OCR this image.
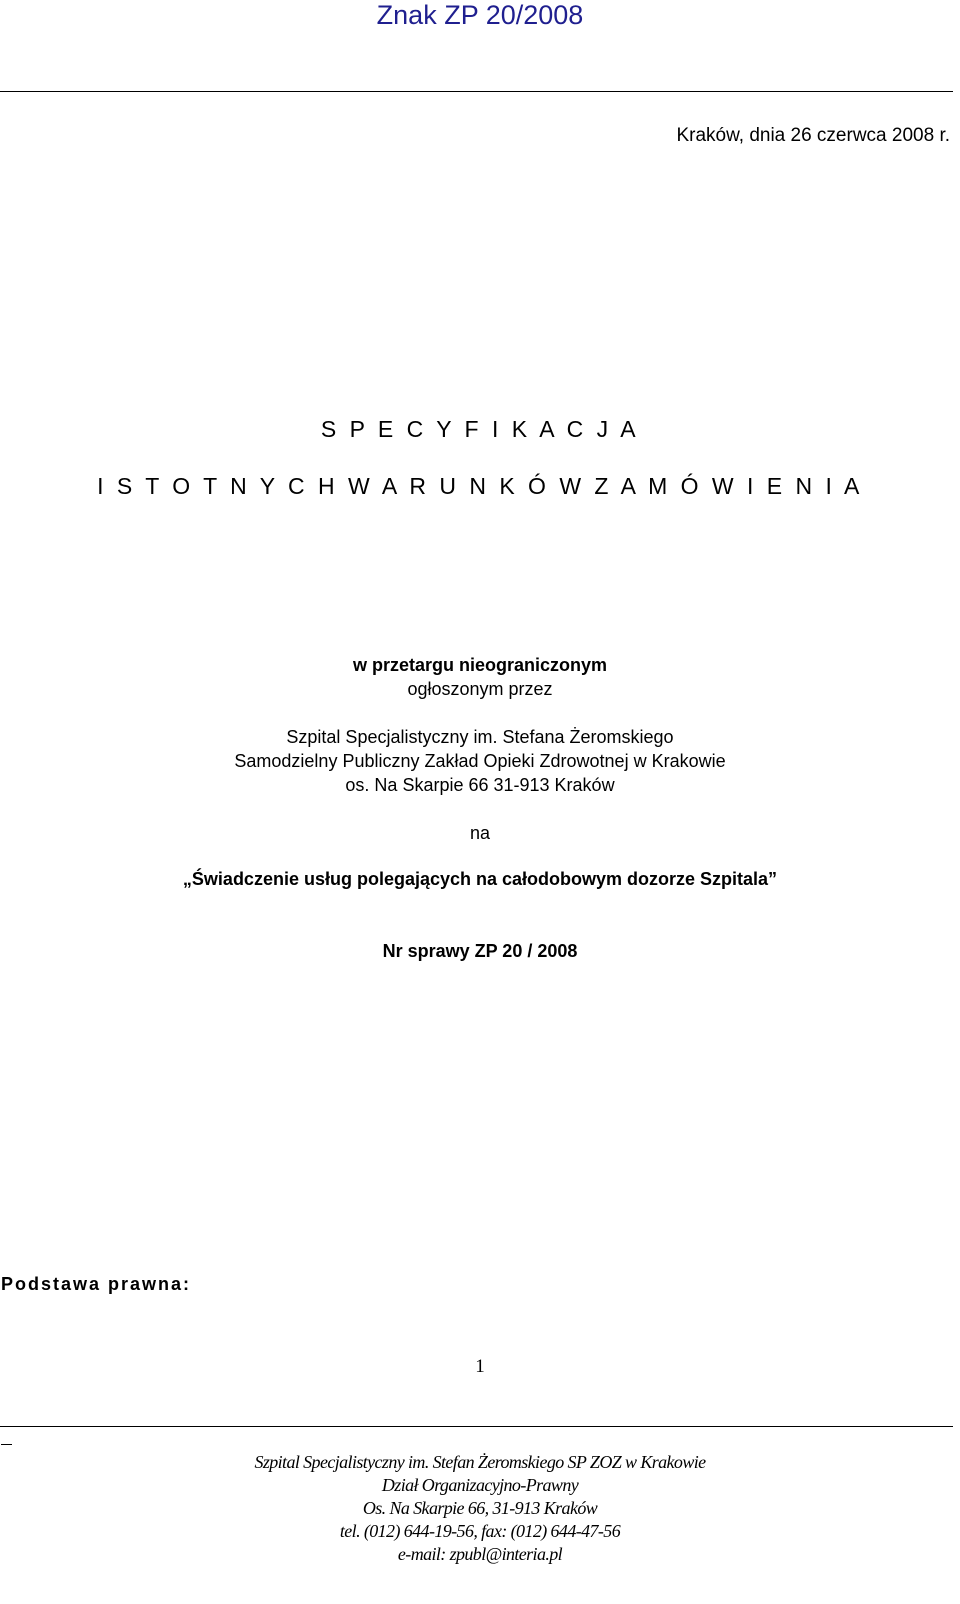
Znak ZP 20/2008
Kraków, dnia 26 czerwca 2008 r.
S P E C Y F I K A C J A
I S T O T N Y C H W A R U N K Ó W Z A M Ó W I E N I A
w przetargu nieograniczonym
ogłoszonym przez
Szpital Specjalistyczny im. Stefana Żeromskiego
Samodzielny Publiczny Zakład Opieki Zdrowotnej w Krakowie
os. Na Skarpie 66 31-913 Kraków
na
„Świadczenie usług polegających na całodobowym dozorze Szpitala”
Nr sprawy ZP 20 / 2008
Podstawa prawna:
1
Szpital Specjalistyczny im. Stefan Żeromskiego SP ZOZ w Krakowie
Dział Organizacyjno-Prawny
Os. Na Skarpie 66, 31-913 Kraków
tel. (012) 644-19-56, fax: (012) 644-47-56
e-mail: zpubl@interia.pl
